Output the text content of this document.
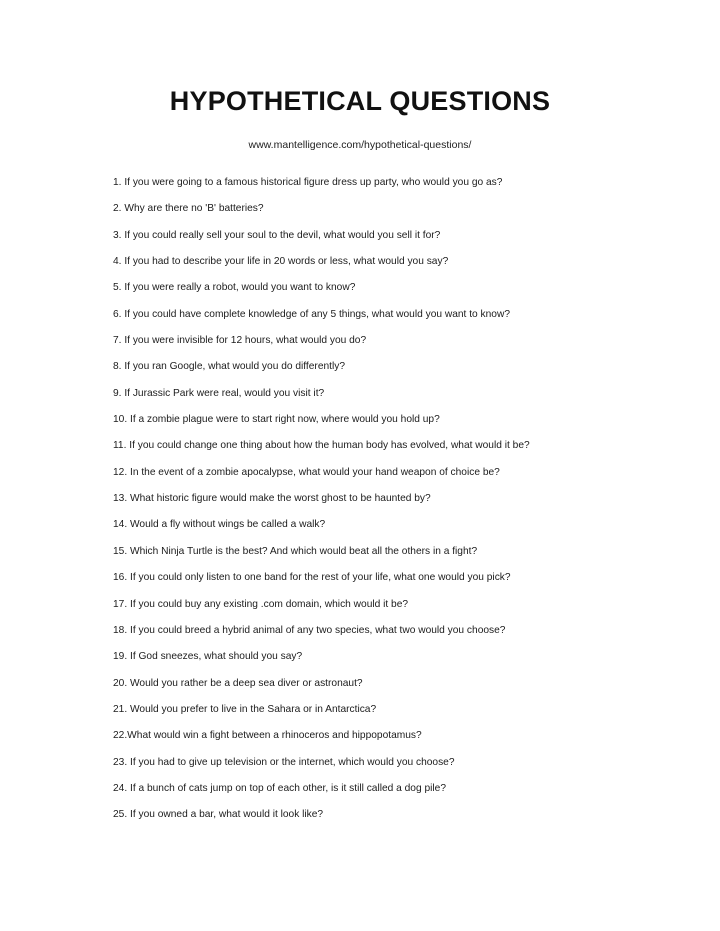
HYPOTHETICAL QUESTIONS
www.mantelligence.com/hypothetical-questions/
1. If you were going to a famous historical figure dress up party, who would you go as?
2. Why are there no 'B' batteries?
3. If you could really sell your soul to the devil, what would you sell it for?
4. If you had to describe your life in 20 words or less, what would you say?
5. If you were really a robot, would you want to know?
6. If you could have complete knowledge of any 5 things, what would you want to know?
7. If you were invisible for 12 hours, what would you do?
8. If you ran Google, what would you do differently?
9. If Jurassic Park were real, would you visit it?
10. If a zombie plague were to start right now, where would you hold up?
11. If you could change one thing about how the human body has evolved, what would it be?
12. In the event of a zombie apocalypse, what would your hand weapon of choice be?
13. What historic figure would make the worst ghost to be haunted by?
14. Would a fly without wings be called a walk?
15. Which Ninja Turtle is the best? And which would beat all the others in a fight?
16. If you could only listen to one band for the rest of your life, what one would you pick?
17. If you could buy any existing .com domain, which would it be?
18. If you could breed a hybrid animal of any two species, what two would you choose?
19. If God sneezes, what should you say?
20. Would you rather be a deep sea diver or astronaut?
21. Would you prefer to live in the Sahara or in Antarctica?
22.What would win a fight between a rhinoceros and hippopotamus?
23. If you had to give up television or the internet, which would you choose?
24. If a bunch of cats jump on top of each other, is it still called a dog pile?
25. If you owned a bar, what would it look like?
